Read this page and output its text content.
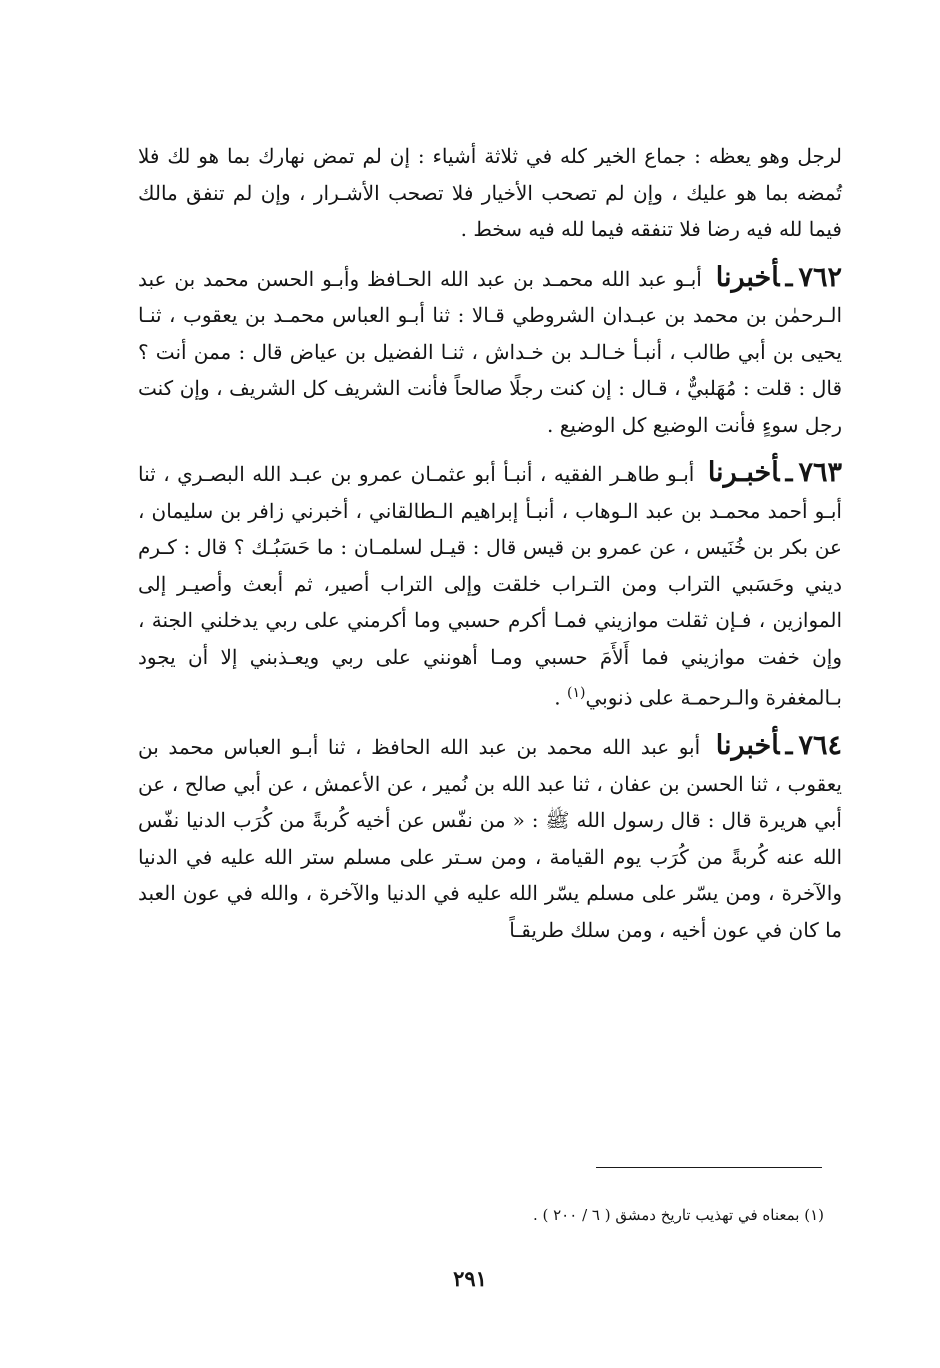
لرجل وهو يعظه : جماع الخير كله في ثلاثة أشياء : إن لم تمض نهارك بما هو لك فلا تُمضه بما هو عليك ، وإن لم تصحب الأخيار فلا تصحب الأشـرار ، وإن لم تنفق مالك فيما لله فيه رضا فلا تنفقه فيما لله فيه سخط .

٧٦٢ـأخبرنا أبـو عبد الله محمـد بن عبد الله الحـافظ وأبـو الحسن محمد بن عبد الـرحمٰن بن محمد بن عبـدان الشروطي قـالا : ثنا أبـو العباس محمـد بن يعقوب ، ثنـا يحيى بن أبي طالب ، أنبـأ خـالـد بن خـداش ، ثنـا الفضيل بن عياض قال : ممن أنت ؟ قال : قلت : مُهَلبيٌّ ، قـال : إن كنت رجلًا صالحاً فأنت الشريف كل الشريف ، وإن كنت رجل سوءٍ فأنت الوضيع كل الوضيع .

٧٦٣ـأخبـرنا أبـو طاهـر الفقيه ، أنبـأ أبو عثمـان عمرو بن عبـد الله البصـري ، ثنا أبـو أحمد محمـد بن عبد الـوهاب ، أنبـأ إبراهيم الـطالقاني ، أخبرني زافر بن سليمان ، عن بكر بن خُنَيس ، عن عمرو بن قيس قال : قيـل لسلمـان : ما حَسَبُـك ؟ قال : كـرم ديني وحَسَبي التراب ومن التـراب خلقت وإلى التراب أصير، ثم أبعث وأصيـر إلى الموازين ، فـإن ثقلت موازيني فمـا أكرم حسبي وما أكرمني على ربي يدخلني الجنة ، وإن خفت موازيني فما أَلأَمَ حسبي ومـا أهونني على ربي ويعـذبني إلا أن يجود بـالمغفرة والـرحمـة على ذنوبي$^{(١)}$ .

٧٦٤ـأخبرنا أبو عبد الله محمد بن عبد الله الحافظ ، ثنا أبـو العباس محمد بن يعقوب ، ثنا الحسن بن عفان ، ثنا عبد الله بن نُمير ، عن الأعمش ، عن أبي صالح ، عن أبي هريرة قال : قال رسول الله ﷺ : « من نفّس عن أخيه كُربةً من كُرَب الدنيا نفّس الله عنه كُربةً من كُرَب يوم القيامة ، ومن سـتر على مسلم ستر الله عليه في الدنيا والآخرة ، ومن يسّر على مسلم يسّر الله عليه في الدنيا والآخرة ، والله في عون العبد ما كان في عون أخيه ، ومن سلك طريقـاً

(١) بمعناه في تهذيب تاريخ دمشق ( ٦ / ٢٠٠ ) .
٢٩١
